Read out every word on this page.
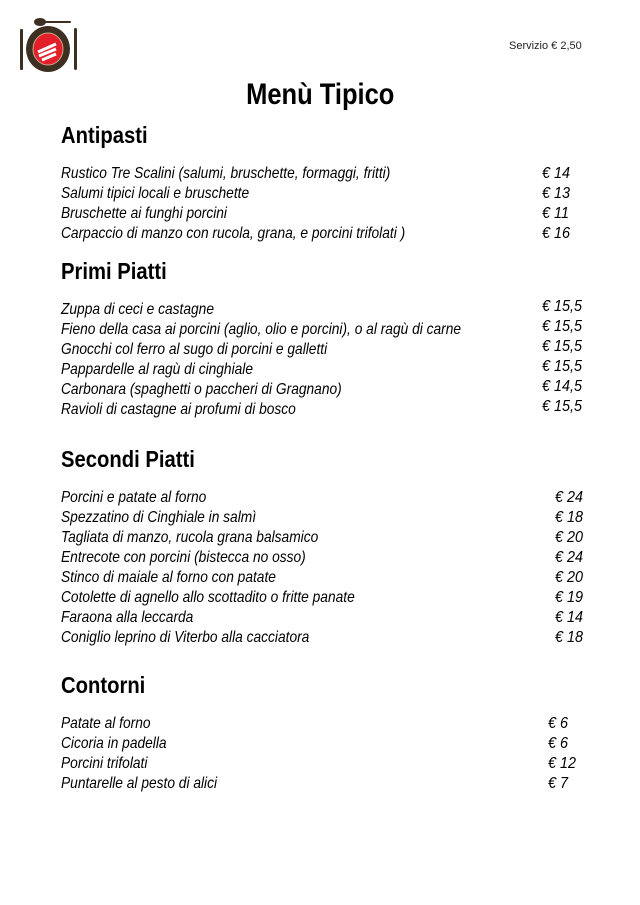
Servizio € 2,50
Menù Tipico
Antipasti
Rustico Tre Scalini (salumi, bruschette, formaggi, fritti)	€ 14
Salumi tipici locali e bruschette	€ 13
Bruschette ai funghi porcini	€ 11
Carpaccio di manzo con rucola, grana, e porcini trifolati )	€ 16
Primi Piatti
Zuppa di ceci e castagne	€ 15,5
Fieno della casa ai porcini (aglio, olio e porcini), o al ragù di carne	€ 15,5
Gnocchi col ferro al sugo di porcini e galletti	€ 15,5
Pappardelle al ragù di cinghiale	€ 15,5
Carbonara (spaghetti o paccheri di Gragnano)	€ 14,5
Ravioli di castagne ai profumi di bosco	€ 15,5
Secondi Piatti
Porcini e patate al forno	€ 24
Spezzatino di Cinghiale in salmì	€ 18
Tagliata di manzo, rucola grana balsamico	€ 20
Entrecote con porcini (bistecca no osso)	€ 24
Stinco di maiale al forno con patate	€ 20
Cotolette di agnello allo scottadito o fritte panate	€ 19
Faraona alla leccarda	€ 14
Coniglio leprino di Viterbo alla cacciatora	€ 18
Contorni
Patate al forno	€ 6
Cicoria in padella	€ 6
Porcini trifolati	€ 12
Puntarelle al pesto di alici	€ 7
